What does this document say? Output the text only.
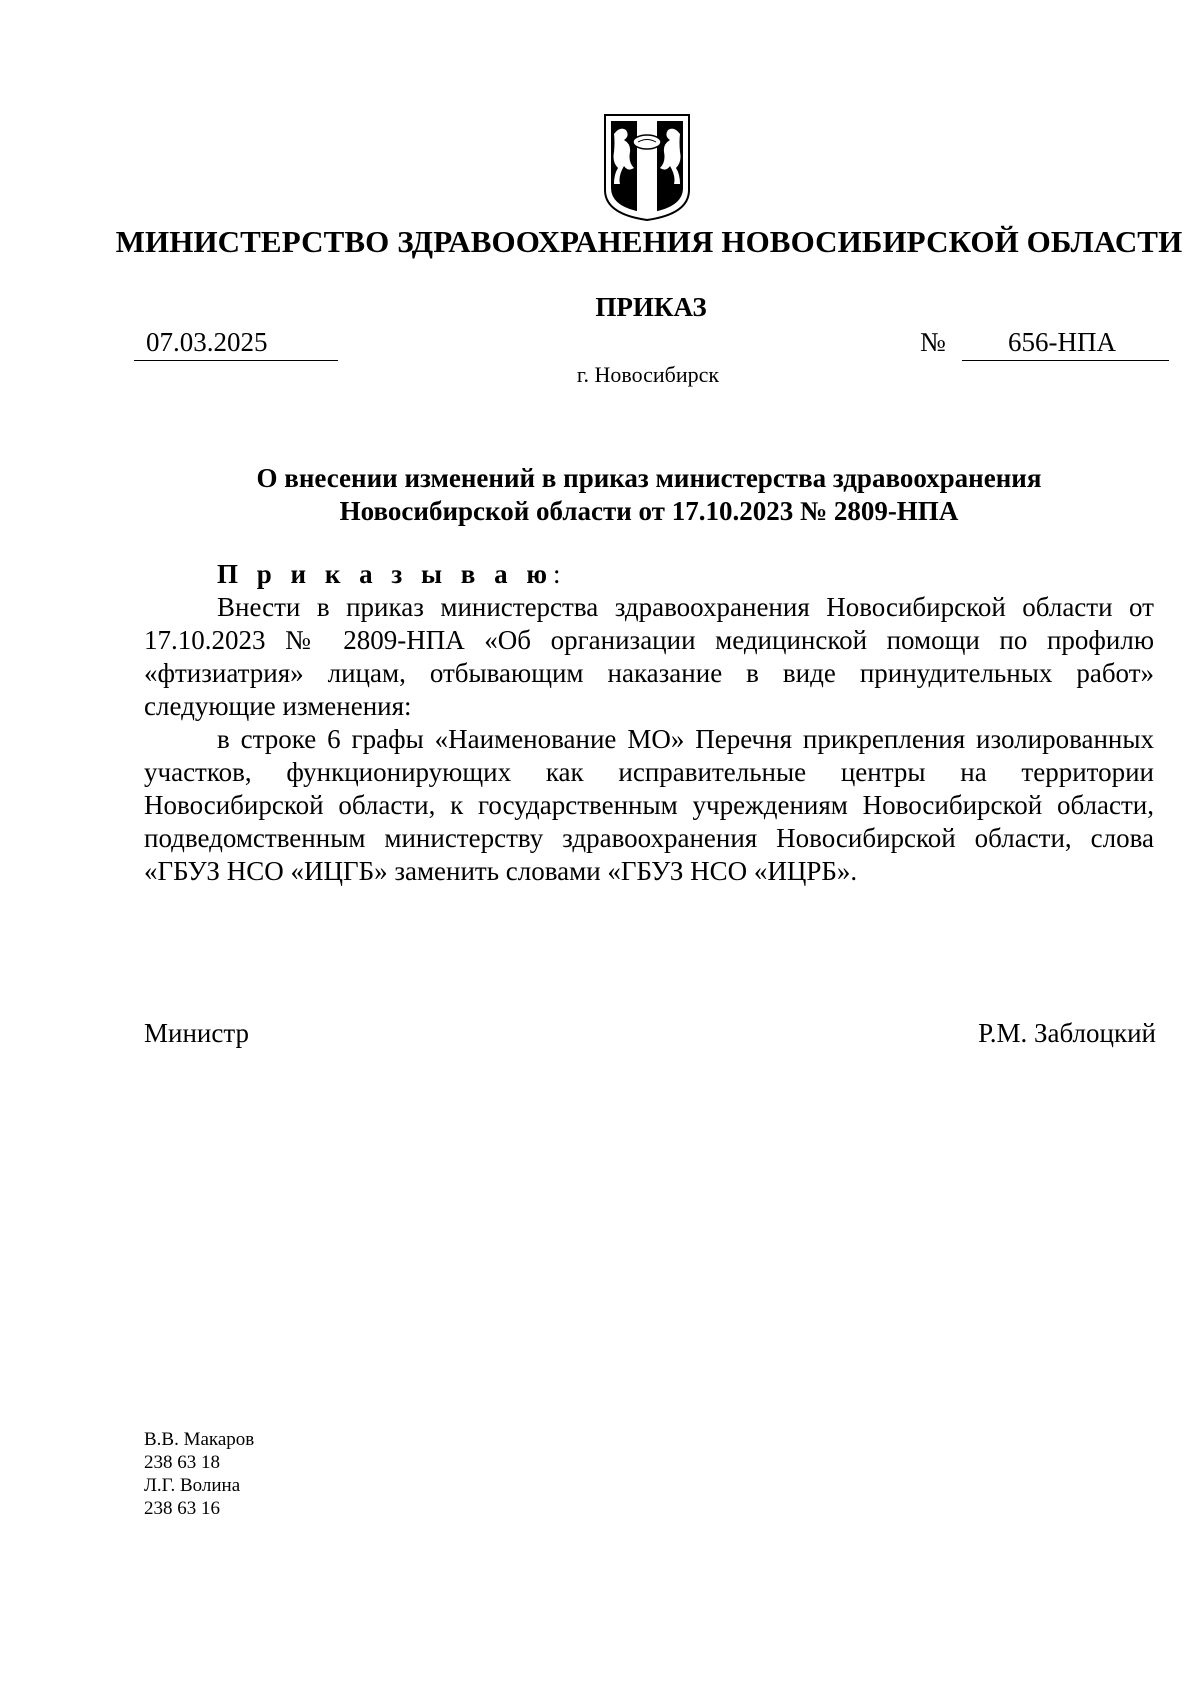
МИНИСТЕРСТВО ЗДРАВООХРАНЕНИЯ НОВОСИБИРСКОЙ ОБЛАСТИ
ПРИКАЗ
07.03.2025	№ 656-НПА
г. Новосибирск
О внесении изменений в приказ министерства здравоохранения
Новосибирской области от 17.10.2023 № 2809-НПА

П р и к а з ы в а ю:

Внести в приказ министерства здравоохранения Новосибирской области от 17.10.2023 № 2809-НПА «Об организации медицинской помощи по профилю «фтизиатрия» лицам, отбывающим наказание в виде принудительных работ» следующие изменения:

в строке 6 графы «Наименование МО» Перечня прикрепления изолированных участков, функционирующих как исправительные центры на территории Новосибирской области, к государственным учреждениям Новосибирской области, подведомственным министерству здравоохранения Новосибирской области, слова «ГБУЗ НСО «ИЦГБ» заменить словами «ГБУЗ НСО «ИЦРБ».

Министр	Р.М. Заблоцкий
В.В. Макаров
238 63 18
Л.Г. Волина
238 63 16
